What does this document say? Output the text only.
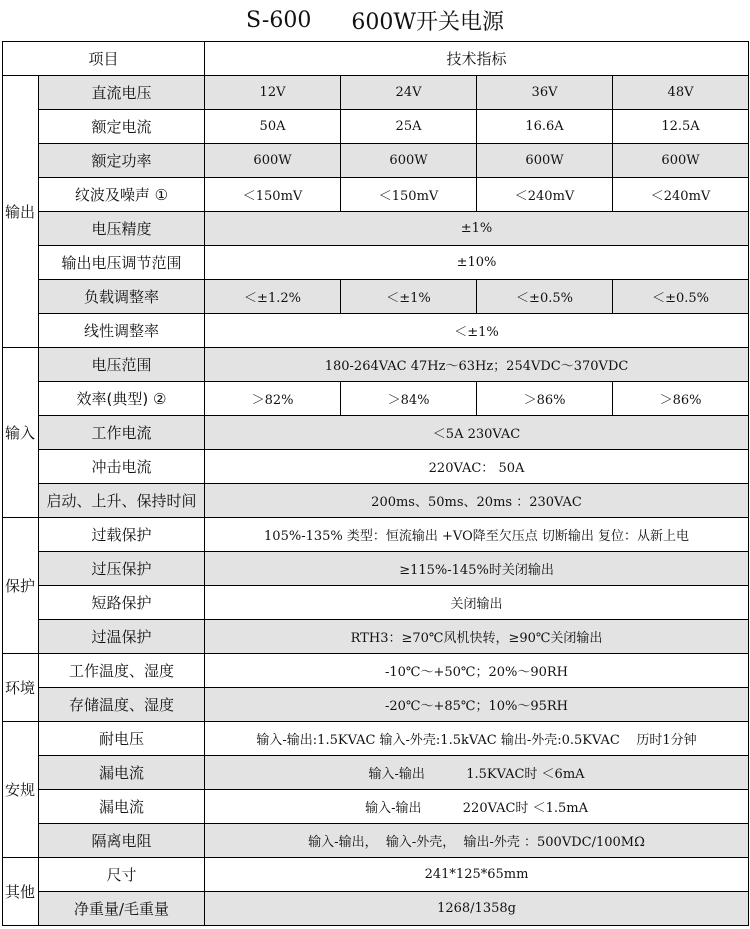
S-600 600W开关电源
项目		技术指标			
输出	直流电压	12V	24V	36V	48V
	额定电流	50A	25A	16.6A	12.5A
	额定功率	600W	600W	600W	600W
	纹波及噪声 ①	＜150mV	＜150mV	＜240mV	＜240mV
	电压精度	±1%			
	输出电压调节范围	±10%			
	负载调整率	＜±1.2%	＜±1%	＜±0.5%	＜±0.5%
	线性调整率	＜±1%			
输入	电压范围	180-264VAC 47Hz～63Hz；254VDC～370VDC			
	效率(典型) ②	＞82%	＞84%	＞86%	＞86%
	工作电流	＜5A 230VAC			
	冲击电流	220VAC： 50A			
	启动、上升、保持时间	200ms、50ms、20ms ：230VAC			
保护	过载保护	105%-135% 类型：恒流输出 +VO降至欠压点 切断输出 复位：从新上电			
	过压保护	≥115%-145%时关闭输出			
	短路保护	关闭输出			
	过温保护	RTH3：≥70℃风机快转，≥90℃关闭输出			
环境	工作温度、湿度	-10℃～+50℃；20%～90RH			
	存储温度、湿度	-20℃～+85℃；10%～95RH			
安规	耐电压	输入-输出:1.5KVAC 输入-外壳:1.5kVAC 输出-外壳:0.5KVAC    历时1分钟			
	漏电流	输入-输出          1.5KVAC时 ＜6mA			
	漏电流	输入-输出          220VAC时 ＜1.5mA			
	隔离电阻	输入-输出，  输入-外壳，  输出-外壳 ：500VDC/100MΩ			
其他	尺寸	241*125*65mm			
	净重量/毛重量	1268/1358g			
